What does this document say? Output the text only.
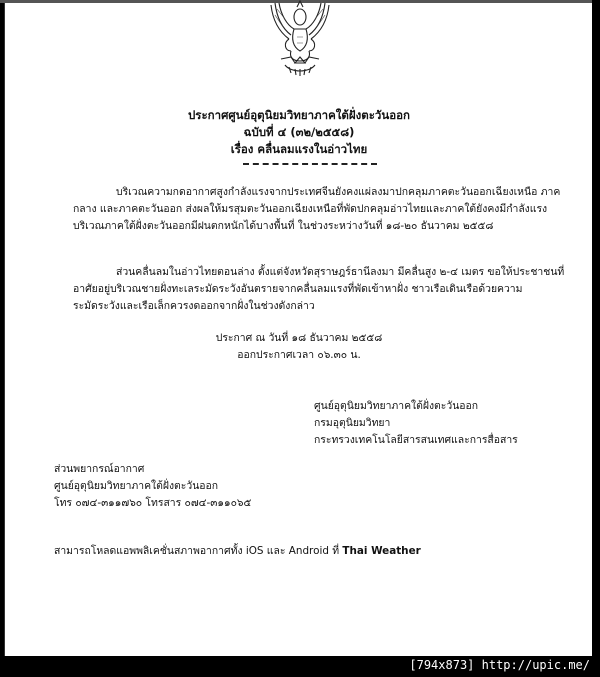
ประกาศศูนย์อุตุนิยมวิทยาภาคใต้ฝั่งตะวันออก
ฉบับที่ ๔ (๓๒/๒๕๕๘)
เรื่อง คลื่นลมแรงในอ่าวไทย
บริเวณความกดอากาศสูงกำลังแรงจากประเทศจีนยังคงแผ่ลงมาปกคลุมภาคตะวันออกเฉียงเหนือ ภาค
กลาง และภาคตะวันออก ส่งผลให้มรสุมตะวันออกเฉียงเหนือที่พัดปกคลุมอ่าวไทยและภาคใต้ยังคงมีกำลังแรง
บริเวณภาคใต้ฝั่งตะวันออกมีฝนตกหนักได้บางพื้นที่ ในช่วงระหว่างวันที่ ๑๘-๒๐ ธันวาคม ๒๕๕๘
ส่วนคลื่นลมในอ่าวไทยตอนล่าง ตั้งแต่จังหวัดสุราษฎร์ธานีลงมา มีคลื่นสูง ๒-๔ เมตร ขอให้ประชาชนที่
อาศัยอยู่บริเวณชายฝั่งทะเลระมัดระวังอันตรายจากคลื่นลมแรงที่พัดเข้าหาฝั่ง ชาวเรือเดินเรือด้วยความ
ระมัดระวังและเรือเล็กควรงดออกจากฝั่งในช่วงดังกล่าว
ประกาศ ณ วันที่ ๑๘ ธันวาคม ๒๕๕๘
ออกประกาศเวลา ๐๖.๓๐ น.
ศูนย์อุตุนิยมวิทยาภาคใต้ฝั่งตะวันออก
กรมอุตุนิยมวิทยา
กระทรวงเทคโนโลยีสารสนเทศและการสื่อสาร
ส่วนพยากรณ์อากาศ
ศูนย์อุตุนิยมวิทยาภาคใต้ฝั่งตะวันออก
โทร ๐๗๔-๓๑๑๗๖๐ โทรสาร ๐๗๔-๓๑๑๐๖๕
สามารถโหลดแอพพลิเคชั่นสภาพอากาศทั้ง iOS และ Android ที่ Thai Weather
[794x873] http://upic.me/
